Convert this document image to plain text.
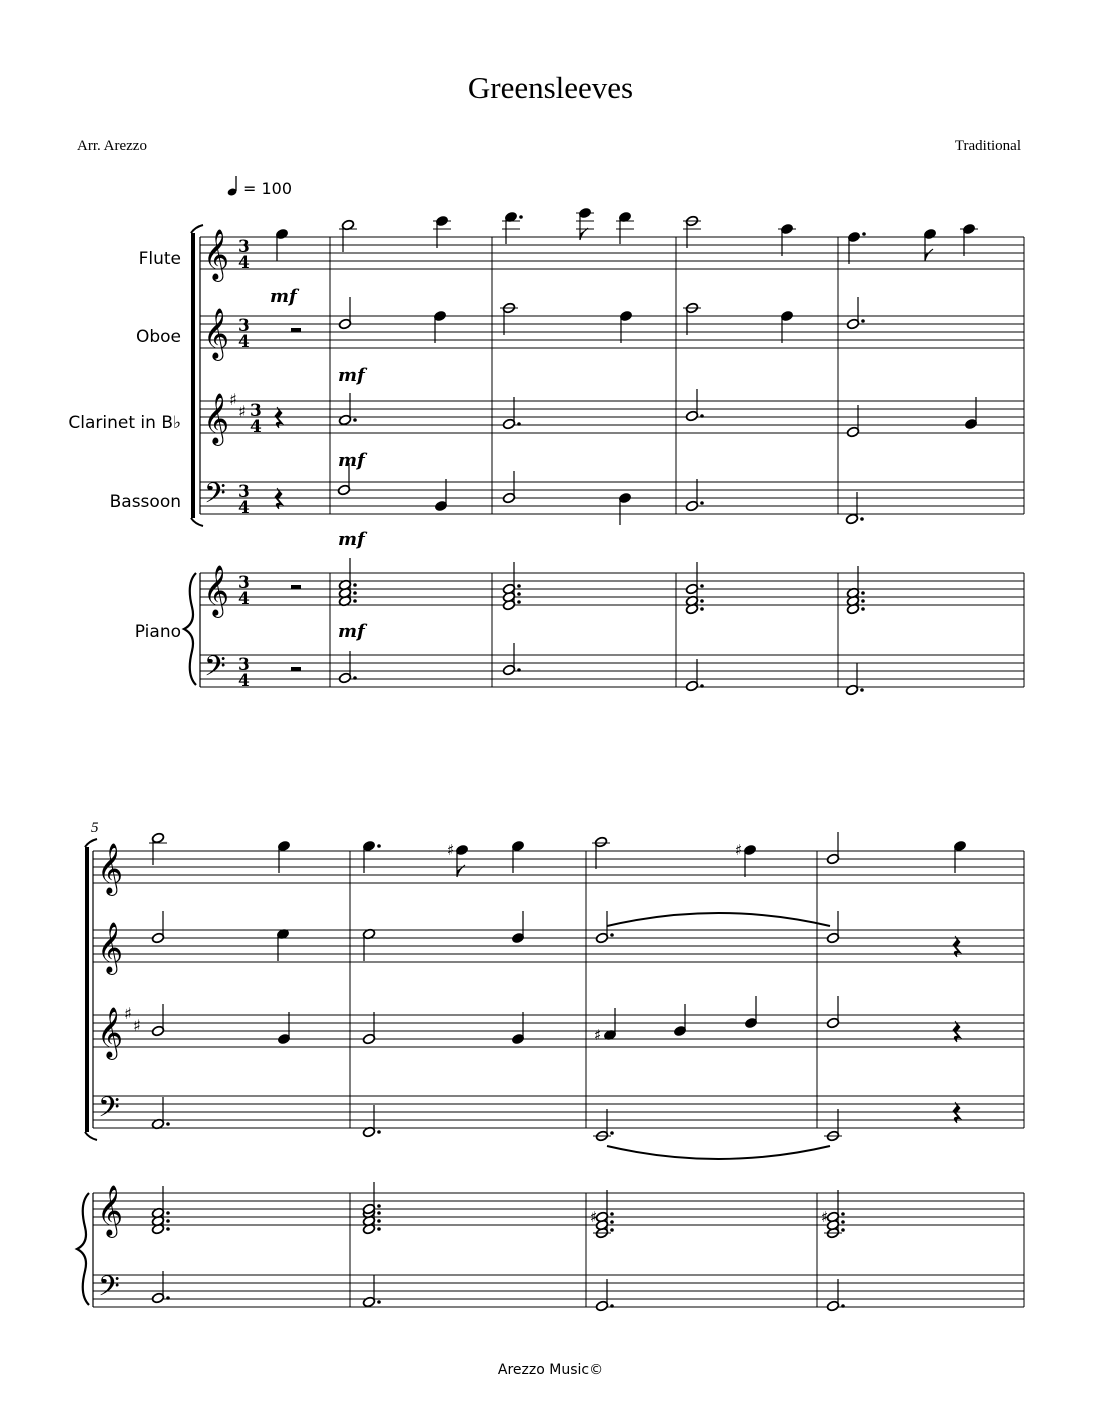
Greensleeves
Arr. Arezzo	Traditional
= 100
Flute
Oboe
Clarinet in B♭
Bassoon
Piano
5
mf
mf
mf
mf
mf
𝄞
𝄞
𝄞
𝄞
𝄢
𝄢
♯
♯
3
4
3
4
3
4
3
4
3
4
3
4
𝄞
𝄞
𝄞
𝄞
𝄢
𝄢
♯
♯
♯	♯
♯
♯	♯
Arezzo Music©
